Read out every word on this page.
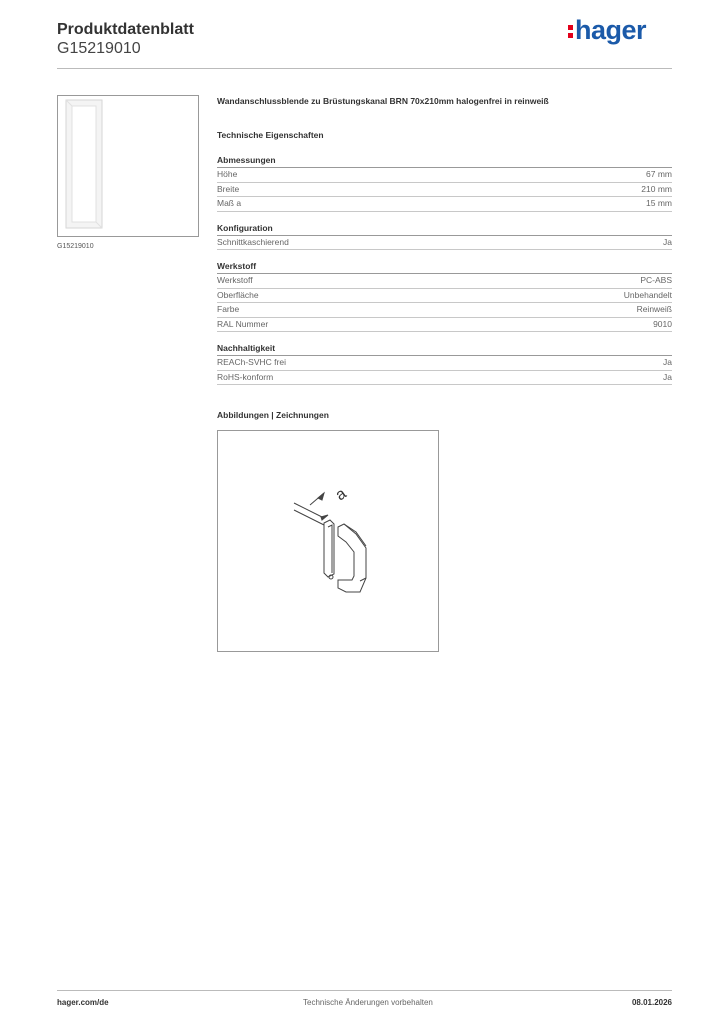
Produktdatenblatt
G15219010
hager
G15219010
Wandanschlussblende zu Brüstungskanal BRN 70x210mm halogenfrei in reinweiß
Technische Eigenschaften
Abmessungen
Höhe	67 mm
Breite	210 mm
Maß a	15 mm
Konfiguration
Schnittkaschierend	Ja
Werkstoff
Werkstoff	PC-ABS
Oberfläche	Unbehandelt
Farbe	Reinweiß
RAL Nummer	9010
Nachhaltigkeit
REACh-SVHC frei	Ja
RoHS-konform	Ja
Abbildungen | Zeichnungen
a
hager.com/de	Technische Änderungen vorbehalten	08.01.2026
